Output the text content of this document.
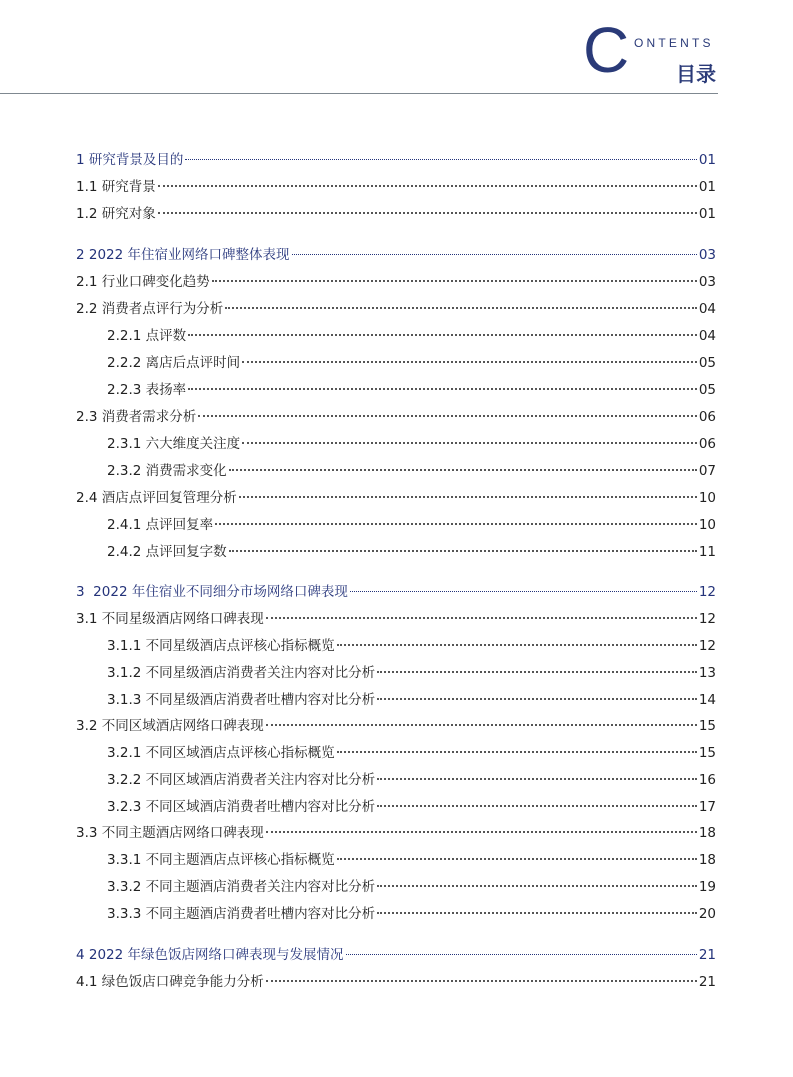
C ONTENTS
目录
1 研究背景及目的	01
1.1 研究背景	01
1.2 研究对象	01
2 2022 年住宿业网络口碑整体表现	03
2.1 行业口碑变化趋势	03
2.2 消费者点评行为分析	04
2.2.1 点评数	04
2.2.2 离店后点评时间	05
2.2.3 表扬率	05
2.3 消费者需求分析	06
2.3.1 六大维度关注度	06
2.3.2 消费需求变化	07
2.4 酒店点评回复管理分析	10
2.4.1 点评回复率	10
2.4.2 点评回复字数	11
3  2022 年住宿业不同细分市场网络口碑表现	12
3.1 不同星级酒店网络口碑表现	12
3.1.1 不同星级酒店点评核心指标概览	12
3.1.2 不同星级酒店消费者关注内容对比分析	13
3.1.3 不同星级酒店消费者吐槽内容对比分析	14
3.2 不同区域酒店网络口碑表现	15
3.2.1 不同区域酒店点评核心指标概览	15
3.2.2 不同区域酒店消费者关注内容对比分析	16
3.2.3 不同区域酒店消费者吐槽内容对比分析	17
3.3 不同主题酒店网络口碑表现	18
3.3.1 不同主题酒店点评核心指标概览	18
3.3.2 不同主题酒店消费者关注内容对比分析	19
3.3.3 不同主题酒店消费者吐槽内容对比分析	20
4 2022 年绿色饭店网络口碑表现与发展情况	21
4.1 绿色饭店口碑竞争能力分析	21
